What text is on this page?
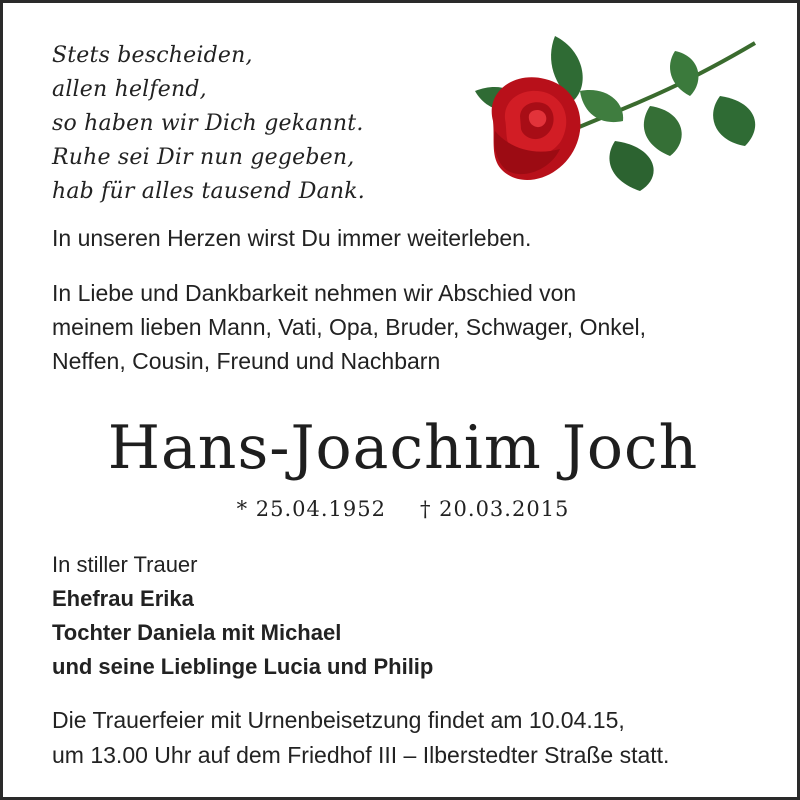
Stets bescheiden,
allen helfend,
so haben wir Dich gekannt.
Ruhe sei Dir nun gegeben,
hab für alles tausend Dank.
In unseren Herzen wirst Du immer weiterleben.
In Liebe und Dankbarkeit nehmen wir Abschied von
meinem lieben Mann, Vati, Opa, Bruder, Schwager, Onkel,
Neffen, Cousin, Freund und Nachbarn
Hans-Joachim Joch
* 25.04.1952 † 20.03.2015
In stiller Trauer
Ehefrau Erika
Tochter Daniela mit Michael
und seine Lieblinge Lucia und Philip
Die Trauerfeier mit Urnenbeisetzung findet am 10.04.15,
um 13.00 Uhr auf dem Friedhof III – Ilberstedter Straße statt.
